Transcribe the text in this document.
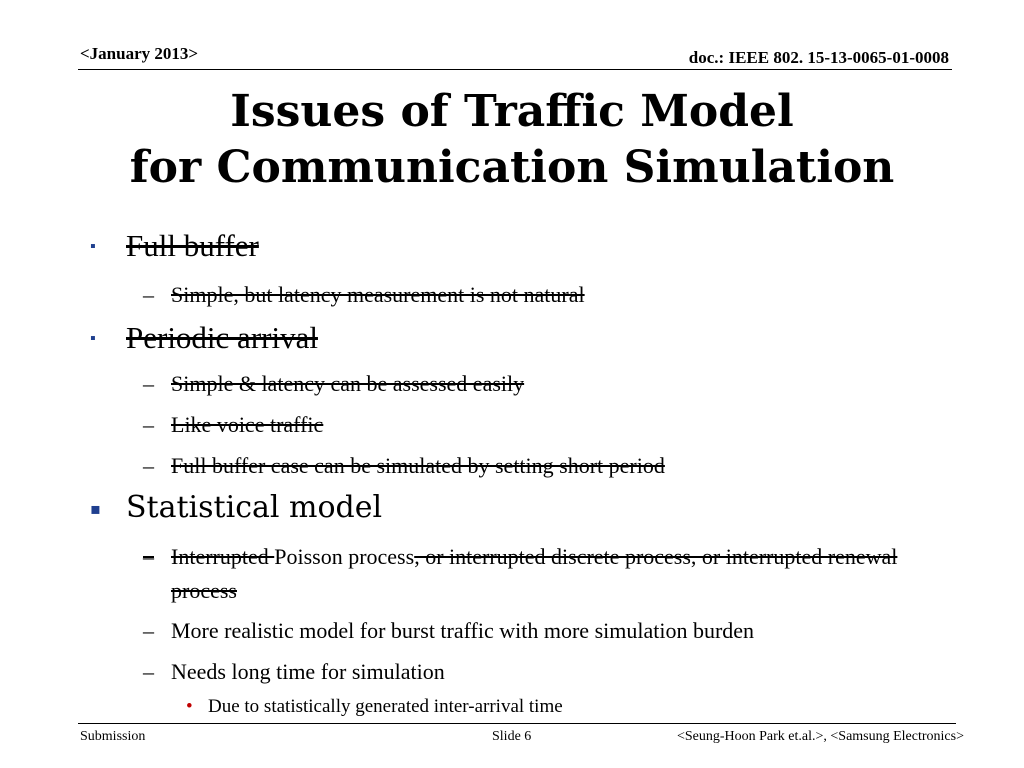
<January 2013>	doc.: IEEE 802. 15-13-0065-01-0008
Issues of Traffic Model
for Communication Simulation
▪ Full buffer
– Simple, but latency measurement is not natural
▪ Periodic arrival
– Simple & latency can be assessed easily
– Like voice traffic
– Full buffer case can be simulated by setting short period
▪ Statistical model
– Interrupted Poisson process, or interrupted discrete process, or interrupted renewal process
– More realistic model for burst traffic with more simulation burden
– Needs long time for simulation
• Due to statistically generated inter-arrival time
Submission	Slide 6	<Seung-Hoon Park et.al.>, <Samsung Electronics>
